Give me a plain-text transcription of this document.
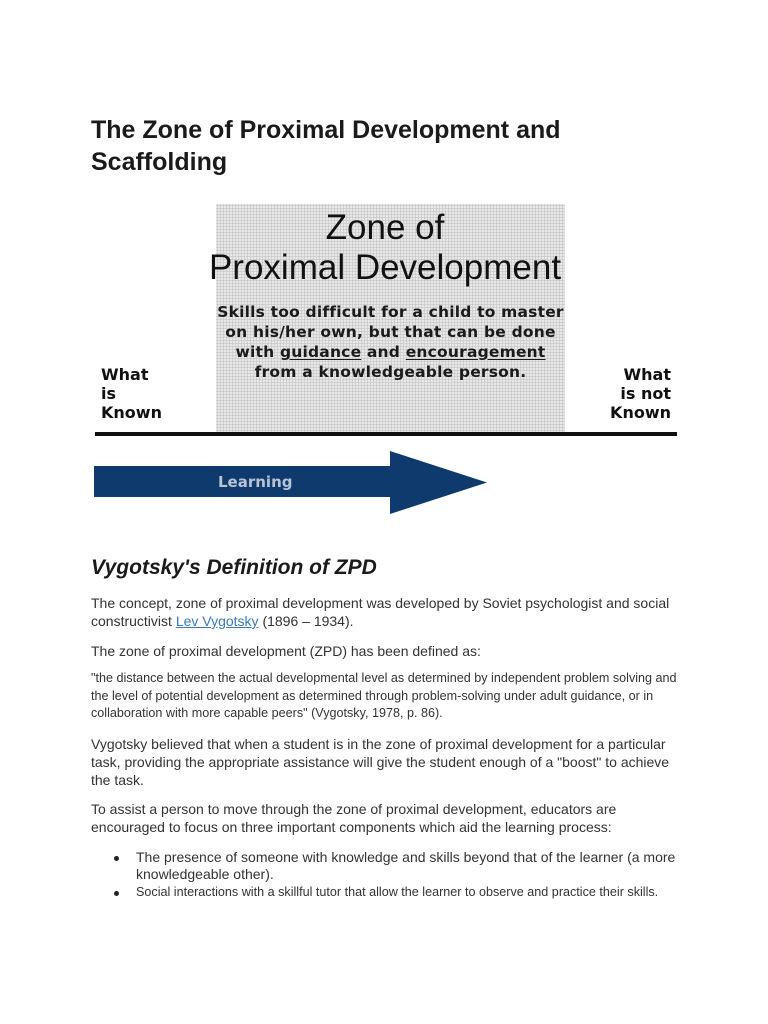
The Zone of Proximal Development and Scaffolding
Zone of
Proximal Development
Skills too difficult for a child to master on his/her own, but that can be done with guidance and encouragement from a knowledgeable person.
What
is
Known
What
is not
Known
Learning
Vygotsky's Definition of ZPD

The concept, zone of proximal development was developed by Soviet psychologist and social constructivist Lev Vygotsky (1896 – 1934).

The zone of proximal development (ZPD) has been defined as:

"the distance between the actual developmental level as determined by independent problem solving and the level of potential development as determined through problem-solving under adult guidance, or in collaboration with more capable peers" (Vygotsky, 1978, p. 86).

Vygotsky believed that when a student is in the zone of proximal development for a particular task, providing the appropriate assistance will give the student enough of a "boost" to achieve the task.

To assist a person to move through the zone of proximal development, educators are encouraged to focus on three important components which aid the learning process:

The presence of someone with knowledge and skills beyond that of the learner (a more knowledgeable other).
Social interactions with a skillful tutor that allow the learner to observe and practice their skills.
